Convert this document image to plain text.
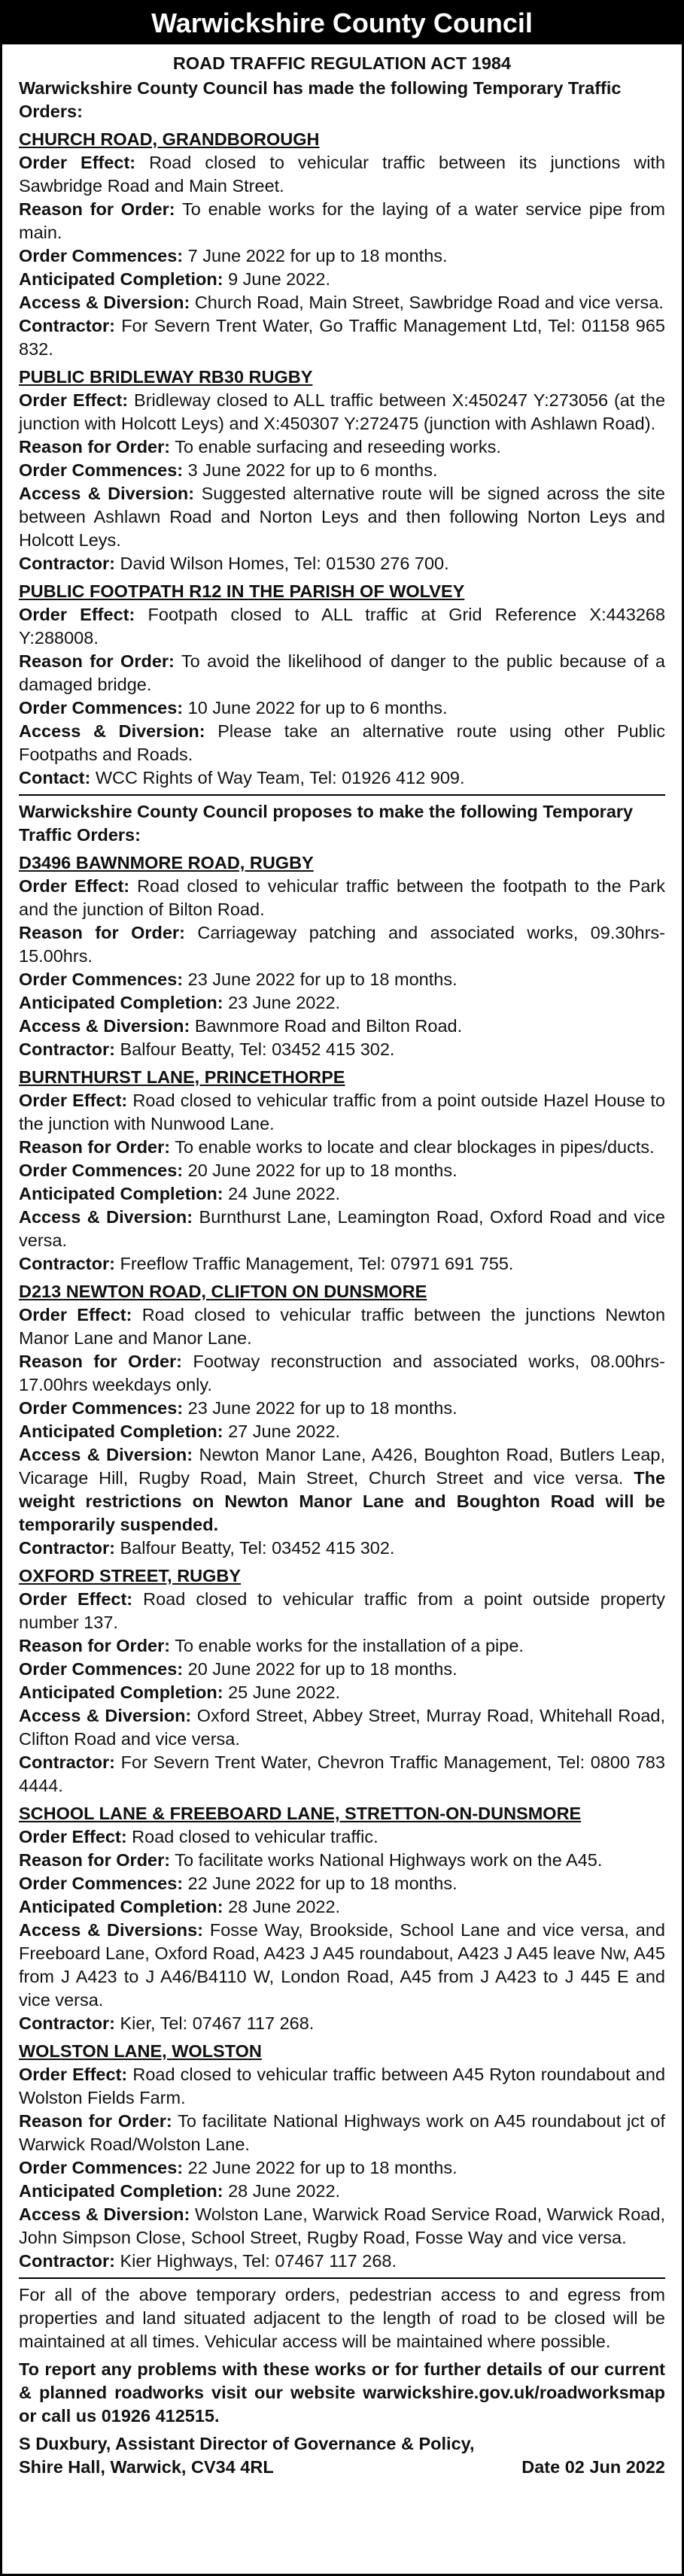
Warwickshire County Council

ROAD TRAFFIC REGULATION ACT 1984

Warwickshire County Council has made the following Temporary Traffic Orders:

CHURCH ROAD, GRANDBOROUGH

Order Effect: Road closed to vehicular traffic between its junctions with Sawbridge Road and Main Street.

Reason for Order: To enable works for the laying of a water service pipe from main.

Order Commences: 7 June 2022 for up to 18 months.

Anticipated Completion: 9 June 2022.

Access & Diversion: Church Road, Main Street, Sawbridge Road and vice versa.

Contractor: For Severn Trent Water, Go Traffic Management Ltd, Tel: 01158 965 832.

PUBLIC BRIDLEWAY RB30 RUGBY

Order Effect: Bridleway closed to ALL traffic between X:450247 Y:273056 (at the junction with Holcott Leys) and X:450307 Y:272475 (junction with Ashlawn Road).

Reason for Order: To enable surfacing and reseeding works.

Order Commences: 3 June 2022 for up to 6 months.

Access & Diversion: Suggested alternative route will be signed across the site between Ashlawn Road and Norton Leys and then following Norton Leys and Holcott Leys.

Contractor: David Wilson Homes, Tel: 01530 276 700.

PUBLIC FOOTPATH R12 IN THE PARISH OF WOLVEY

Order Effect: Footpath closed to ALL traffic at Grid Reference X:443268 Y:288008.

Reason for Order: To avoid the likelihood of danger to the public because of a damaged bridge.

Order Commences: 10 June 2022 for up to 6 months.

Access & Diversion: Please take an alternative route using other Public Footpaths and Roads.

Contact: WCC Rights of Way Team, Tel: 01926 412 909.

Warwickshire County Council proposes to make the following Temporary Traffic Orders:

D3496 BAWNMORE ROAD, RUGBY

Order Effect: Road closed to vehicular traffic between the footpath to the Park and the junction of Bilton Road.

Reason for Order: Carriageway patching and associated works, 09.30hrs-15.00hrs.

Order Commences: 23 June 2022 for up to 18 months.

Anticipated Completion: 23 June 2022.

Access & Diversion: Bawnmore Road and Bilton Road.

Contractor: Balfour Beatty, Tel: 03452 415 302.

BURNTHURST LANE, PRINCETHORPE

Order Effect: Road closed to vehicular traffic from a point outside Hazel House to the junction with Nunwood Lane.

Reason for Order: To enable works to locate and clear blockages in pipes/ducts.

Order Commences: 20 June 2022 for up to 18 months.

Anticipated Completion: 24 June 2022.

Access & Diversion: Burnthurst Lane, Leamington Road, Oxford Road and vice versa.

Contractor: Freeflow Traffic Management, Tel: 07971 691 755.

D213 NEWTON ROAD, CLIFTON ON DUNSMORE

Order Effect: Road closed to vehicular traffic between the junctions Newton Manor Lane and Manor Lane.

Reason for Order: Footway reconstruction and associated works, 08.00hrs-17.00hrs weekdays only.

Order Commences: 23 June 2022 for up to 18 months.

Anticipated Completion: 27 June 2022.

Access & Diversion: Newton Manor Lane, A426, Boughton Road, Butlers Leap, Vicarage Hill, Rugby Road, Main Street, Church Street and vice versa. The weight restrictions on Newton Manor Lane and Boughton Road will be temporarily suspended.

Contractor: Balfour Beatty, Tel: 03452 415 302.

OXFORD STREET, RUGBY

Order Effect: Road closed to vehicular traffic from a point outside property number 137.

Reason for Order: To enable works for the installation of a pipe.

Order Commences: 20 June 2022 for up to 18 months.

Anticipated Completion: 25 June 2022.

Access & Diversion: Oxford Street, Abbey Street, Murray Road, Whitehall Road, Clifton Road and vice versa.

Contractor: For Severn Trent Water, Chevron Traffic Management, Tel: 0800 783 4444.

SCHOOL LANE & FREEBOARD LANE, STRETTON-ON-DUNSMORE

Order Effect: Road closed to vehicular traffic.

Reason for Order: To facilitate works National Highways work on the A45.

Order Commences: 22 June 2022 for up to 18 months.

Anticipated Completion: 28 June 2022.

Access & Diversions: Fosse Way, Brookside, School Lane and vice versa, and Freeboard Lane, Oxford Road, A423 J A45 roundabout, A423 J A45 leave Nw, A45 from J A423 to J A46/B4110 W, London Road, A45 from J A423 to J 445 E and vice versa.

Contractor: Kier, Tel: 07467 117 268.

WOLSTON LANE, WOLSTON

Order Effect: Road closed to vehicular traffic between A45 Ryton roundabout and Wolston Fields Farm.

Reason for Order: To facilitate National Highways work on A45 roundabout jct of Warwick Road/Wolston Lane.

Order Commences: 22 June 2022 for up to 18 months.

Anticipated Completion: 28 June 2022.

Access & Diversion: Wolston Lane, Warwick Road Service Road, Warwick Road, John Simpson Close, School Street, Rugby Road, Fosse Way and vice versa.

Contractor: Kier Highways, Tel: 07467 117 268.

For all of the above temporary orders, pedestrian access to and egress from properties and land situated adjacent to the length of road to be closed will be maintained at all times. Vehicular access will be maintained where possible.

To report any problems with these works or for further details of our current & planned roadworks visit our website warwickshire.gov.uk/roadworksmap or call us 01926 412515.

S Duxbury, Assistant Director of Governance & Policy,
Shire Hall, Warwick, CV34 4RL	Date 02 Jun 2022
